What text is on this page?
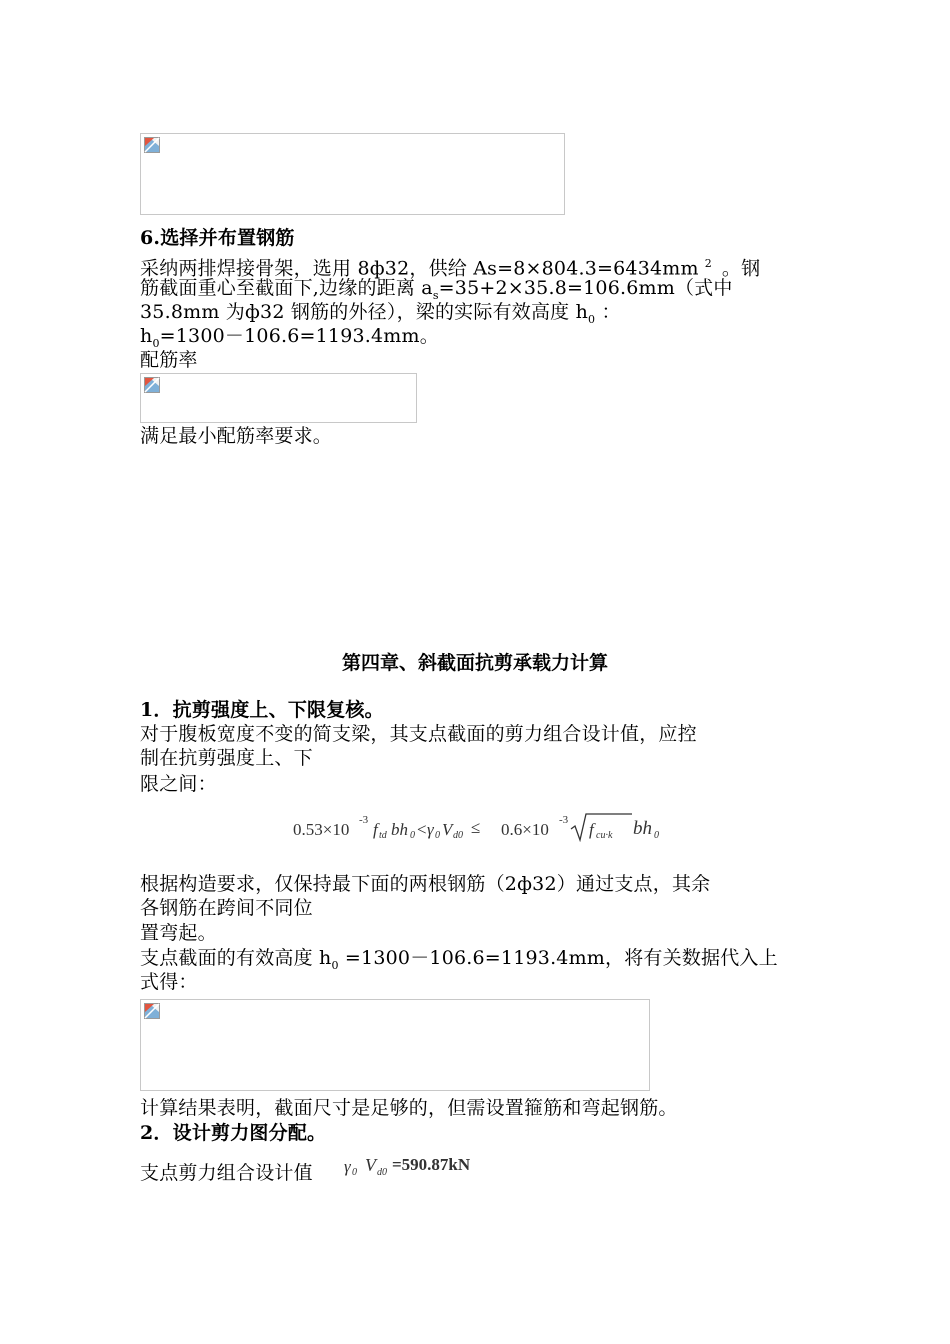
6.选择并布置钢筋
采纳两排焊接骨架，选用 8ф32，供给 As=8×804.3=6434mm $^2$ 。钢
筋截面重心至截面下,边缘的距离 $a_s=35+2\times 35.8=106.6mm$（式中
35.8mm 为ф32 钢筋的外径），梁的实际有效高度 $h_0$ ：
$h_0=1300-106.6=1193.4mm$。
配筋率
满足最小配筋率要求。
第四章、斜截面抗剪承载力计算
1．抗剪强度上、下限复核。
对于腹板宽度不变的简支梁，其支点截面的剪力组合设计值，应控
制在抗剪强度上、下
限之间：
0.53×10 -3 f td bh 0 < γ 0 V d0 ≤ 0.6×10 -3 f cu·k bh 0
根据构造要求，仅保持最下面的两根钢筋（2ф32）通过支点，其余
各钢筋在跨间不同位
置弯起。
支点截面的有效高度 $h_0 =1300-106.6=1193.4mm$，将有关数据代入上
式得：
计算结果表明，截面尺寸是足够的，但需设置箍筋和弯起钢筋。
2．设计剪力图分配。
支点剪力组合设计值 γ 0 V d0 =590.87kN
